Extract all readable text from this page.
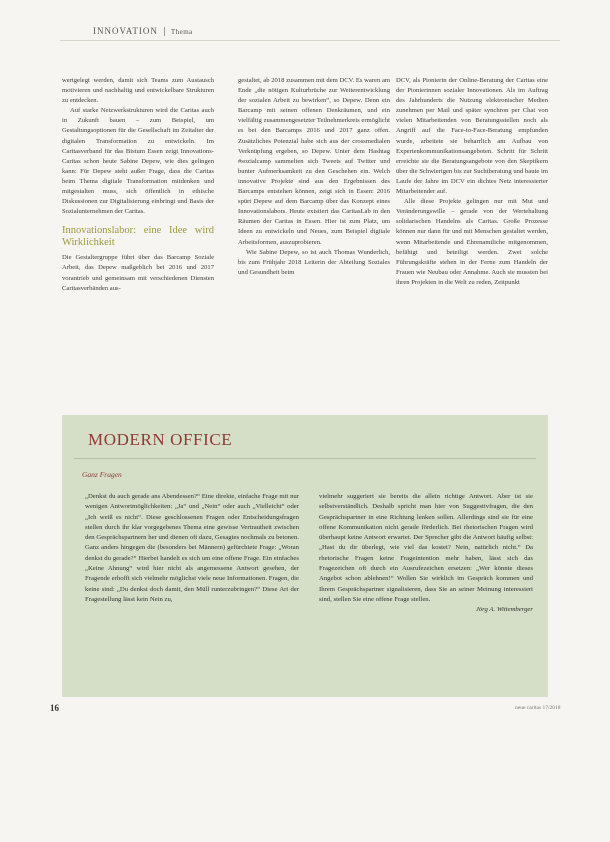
INNOVATION Thema

wertgelegt werden, damit sich Teams zum Austausch motivieren und nachhaltig und entwickelbare Strukturen zu entdecken.

Auf starke Netzwerkstrukturen wird die Caritas auch in Zukunft bauen – zum Beispiel, um Gestaltungsoptionen für die Gesellschaft im Zeitalter der digitalen Transformation zu entwickeln. Im Caritasverband für das Bistum Essen zeigt Innovations-Caritas schon heute Sabine Depew, wie dies gelingen kann: Für Depew steht außer Frage, dass die Caritas beim Thema digitale Transformation mitdenken und mitgestalten muss, sich öffentlich in ethische Diskussionen zur Digitalisierung einbringt und Basis der Sozialunternehmen der Caritas.

Innovationslabor: eine Idee wird Wirklichkeit

Die Gestaltergruppe führt über das Barcamp Soziale Arbeit, das Depew maßgeblich bei 2016 und 2017 vorantrieb und gemeinsam mit verschiedenen Diensten Caritasverbänden aus-

gestaltet, ab 2018 zusammen mit dem DCV. Es waren am Ende „die nötigen Kulturbrüche zur Weiterentwicklung der sozialen Arbeit zu bewirken“, so Depew. Denn ein Barcamp mit seinen offenen Denkräumen, und ein vielfältig zusammengesetzter Teilnehmerkreis ermöglicht es bei den Barcamps 2016 und 2017 ganz offen. Zusätzliches Potenzial habe sich aus der crossmedialen Verknüpfung ergeben, so Depew. Unter dem Hashtag #sozialcamp sammelten sich Tweets auf Twitter und bunter Aufmerksamkeit zu den Geschehen ein. Welch innovative Projekte sind aus den Ergebnissen des Barcamps entstehen können, zeigt sich in Essen: 2016 spürt Depew auf dem Barcamp über das Konzept eines Innovationslabors. Heute existiert das CaritasLab in den Räumen der Caritas in Essen. Hier ist zum Platz, um Ideen zu entwickeln und Neues, zum Beispiel digitale Arbeitsformen, auszuprobieren.

Wie Sabine Depew, so ist auch Thomas Wunderlich, bis zum Frühjahr 2018 Leiterin der Abteilung Soziales und Gesundheit beim

DCV, als Pionierin der Online-Beratung der Caritas eine der Pionierinnen sozialer Innovationen. Als im Auftrag des Jahrhunderts die Nutzung elektronischer Medien zunehmen per Mail und später synchron per Chat von vielen Mitarbeitenden von Beratungsstellen noch als Angriff auf die Face-to-Face-Beratung empfunden wurde, arbeitete sie beharrlich am Aufbau von Expertenkommunikationsangeboten. Schritt für Schritt erreichte sie die Beratungsangebote von den Skeptikern über die Schwierigen bis zur Suchtberatung und baute im Laufe der Jahre im DCV ein dichtes Netz interessierter Mitarbeitender auf.

Alle diese Projekte gelingen nur mit Mut und Veränderungswille – gerade von der Wertehaltung solidarischen Handelns als Caritas. Große Prozesse können nur dann für und mit Menschen gestaltet werden, wenn Mitarbeitende und Ehrenamtliche mitgenommen, befähigt und beteiligt werden. Zwei solche Führungskräfte stehen in der Ferne zum Handeln der Frauen wie Neubau oder Annahme. Auch sie mussten bei ihren Projekten in die Welt zu reden, Zeitpunkt

MODERN OFFICE
Ganz Fragen

„Denkst du auch gerade ans Abendessen?“ Eine direkte, einfache Frage mit nur wenigen Antwortmöglichkeiten: „Ja“ und „Nein“ oder auch „Vielleicht“ oder „Ich weiß es nicht“. Diese geschlossenen Fragen oder Entscheidungsfragen stellen durch ihr klar vorgegebenes Thema eine gewisse Vertrautheit zwischen den Gesprächspartnern her und dienen oft dazu, Gesagtes nochmals zu betonen. Ganz anders hingegen die (besonders bei Männern) gefürchtete Frage: „Woran denkst du gerade?“ Hierbei handelt es sich um eine offene Frage. Ein einfaches „Keine Ahnung“ wird hier nicht als angemessene Antwort gesehen, der Fragende erhofft sich vielmehr möglichst viele neue Informationen. Fragen, die keine sind: „Du denkst doch damit, den Müll runterzubringen?“ Diese Art der Fragestellung lässt kein Nein zu,

vielmehr suggeriert sie bereits die allein richtige Antwort. Aber ist sie selbstverständlich. Deshalb spricht man hier von Suggestivfragen, die den Gesprächspartner in eine Richtung lenken sollen. Allerdings sind sie für eine offene Kommunikation nicht gerade förderlich. Bei rhetorischen Fragen wird überhaupt keine Antwort erwartet. Der Sprecher gibt die Antwort häufig selbst: „Hast du dir überlegt, wie viel das kostet? Nein, natürlich nicht.“ Da rhetorische Fragen keine Frageintention mehr haben, lässt sich das Fragezeichen oft durch ein Ausrufezeichen ersetzen: „Wer könnte dieses Angebot schon ablehnen!“ Wollen Sie wirklich im Gespräch kommen und Ihrem Gesprächspartner signalisieren, dass Sie an seiner Meinung interessiert sind, stellen Sie eine offene Frage stellen.

Jörg A. Wittemberger

16	neue caritas 17/2018
